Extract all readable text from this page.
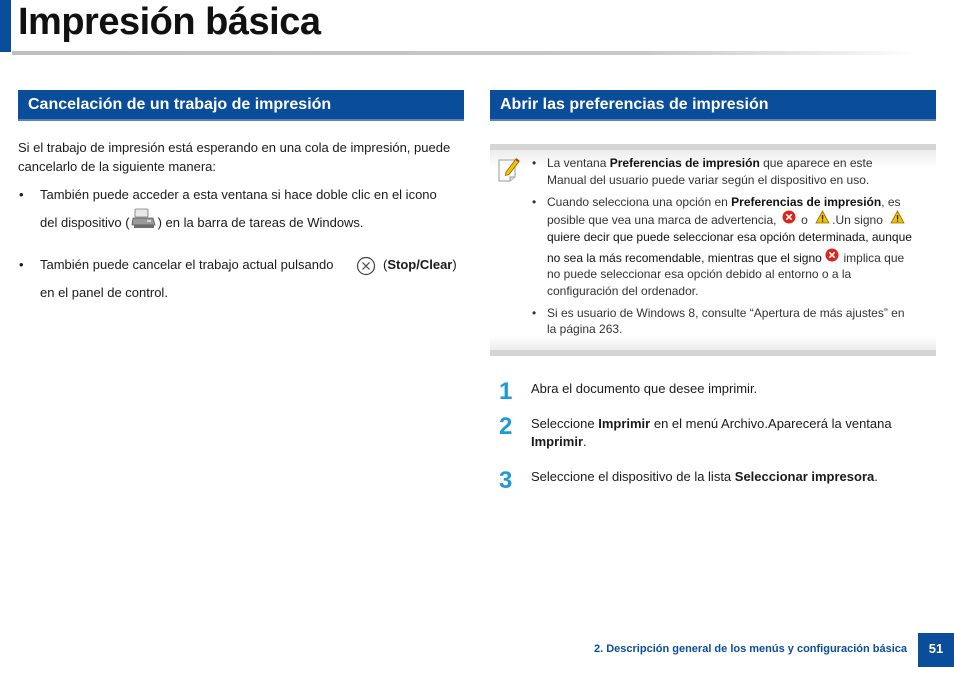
Impresión básica
Cancelación de un trabajo de impresión

Si el trabajo de impresión está esperando en una cola de impresión, puede

cancelarlo de la siguiente manera:

• También puede acceder a esta ventana si hace doble clic en el icono

del dispositivo ( ) en la barra de tareas de Windows.

• También puede cancelar el trabajo actual pulsando	(Stop/Clear)

en el panel de control.

Abrir las preferencias de impresión
• La ventana Preferencias de impresión que aparece en este

Manual del usuario puede variar según el dispositivo en uso.

• Cuando selecciona una opción en Preferencias de impresión, es

posible que vea una marca de advertencia,  o .Un signo

quiere decir que puede seleccionar esa opción determinada, aunque

no sea la más recomendable, mientras que el signo  implica que

no puede seleccionar esa opción debido al entorno o a la

configuración del ordenador.

• Si es usuario de Windows 8, consulte “Apertura de más ajustes” en

la página 263.

1 Abra el documento que desee imprimir.

2 Seleccione Imprimir en el menú Archivo.Aparecerá la ventana

Imprimir.

3 Seleccione el dispositivo de la lista Seleccionar impresora.

2. Descripción general de los menús y configuración básica	51
